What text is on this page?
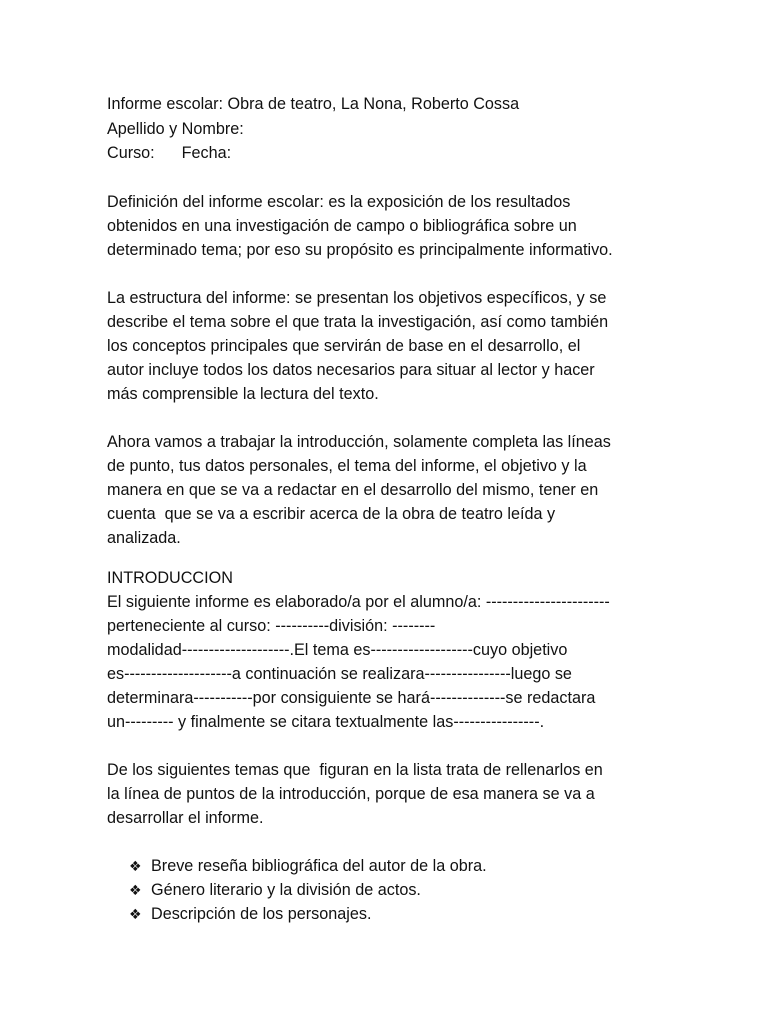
Informe escolar: Obra de teatro, La Nona, Roberto Cossa
Apellido y Nombre:
Curso:      Fecha:
Definición del informe escolar: es la exposición de los resultados
obtenidos en una investigación de campo o bibliográfica sobre un
determinado tema; por eso su propósito es principalmente informativo.
La estructura del informe: se presentan los objetivos específicos, y se
describe el tema sobre el que trata la investigación, así como también
los conceptos principales que servirán de base en el desarrollo, el
autor incluye todos los datos necesarios para situar al lector y hacer
más comprensible la lectura del texto.
Ahora vamos a trabajar la introducción, solamente completa las líneas
de punto, tus datos personales, el tema del informe, el objetivo y la
manera en que se va a redactar en el desarrollo del mismo, tener en
cuenta  que se va a escribir acerca de la obra de teatro leída y
analizada.
INTRODUCCION
El siguiente informe es elaborado/a por el alumno/a: -----------------------
perteneciente al curso: ----------división: --------
modalidad--------------------.El tema es-------------------cuyo objetivo
es--------------------a continuación se realizara----------------luego se
determinara-----------por consiguiente se hará--------------se redactara
un--------- y finalmente se citara textualmente las----------------.
De los siguientes temas que  figuran en la lista trata de rellenarlos en
la línea de puntos de la introducción, porque de esa manera se va a
desarrollar el informe.
❖ Breve reseña bibliográfica del autor de la obra.
❖ Género literario y la división de actos.
❖ Descripción de los personajes.
